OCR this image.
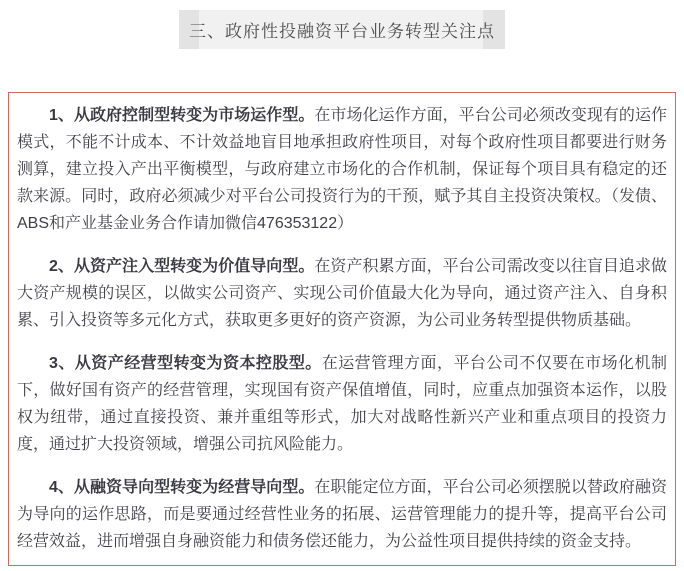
三、政府性投融资平台业务转型关注点

1、从政府控制型转变为市场运作型。在市场化运作方面，平台公司必须改变现有的运作模式，不能不计成本、不计效益地盲目地承担政府性项目，对每个政府性项目都要进行财务测算，建立投入产出平衡模型，与政府建立市场化的合作机制，保证每个项目具有稳定的还款来源。同时，政府必须减少对平台公司投资行为的干预，赋予其自主投资决策权。（发债、ABS和产业基金业务合作请加微信476353122）

2、从资产注入型转变为价值导向型。在资产积累方面，平台公司需改变以往盲目追求做大资产规模的误区，以做实公司资产、实现公司价值最大化为导向，通过资产注入、自身积累、引入投资等多元化方式，获取更多更好的资产资源，为公司业务转型提供物质基础。

3、从资产经营型转变为资本控股型。在运营管理方面，平台公司不仅要在市场化机制下，做好国有资产的经营管理，实现国有资产保值增值，同时，应重点加强资本运作，以股权为纽带，通过直接投资、兼并重组等形式，加大对战略性新兴产业和重点项目的投资力度，通过扩大投资领域，增强公司抗风险能力。

4、从融资导向型转变为经营导向型。在职能定位方面，平台公司必须摆脱以替政府融资为导向的运作思路，而是要通过经营性业务的拓展、运营管理能力的提升等，提高平台公司经营效益，进而增强自身融资能力和债务偿还能力，为公益性项目提供持续的资金支持。
